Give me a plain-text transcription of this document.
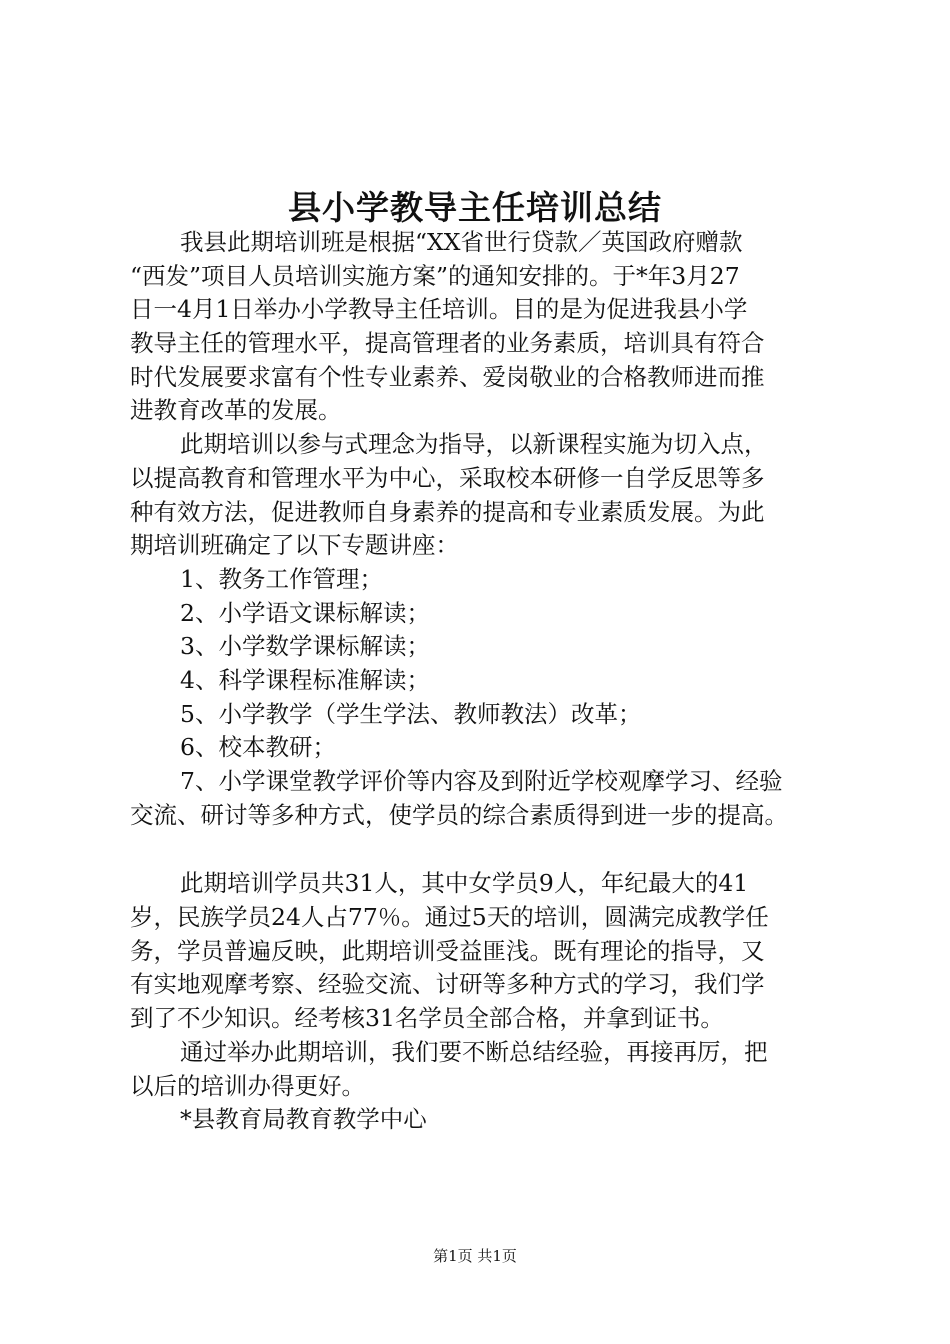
县小学教导主任培训总结
我县此期培训班是根据“XX省世行贷款／英国政府赠款
“西发”项目人员培训实施方案”的通知安排的。于*年3月27
日一4月1日举办小学教导主任培训。目的是为促进我县小学
教导主任的管理水平，提高管理者的业务素质，培训具有符合
时代发展要求富有个性专业素养、爱岗敬业的合格教师进而推
进教育改革的发展。
此期培训以参与式理念为指导，以新课程实施为切入点，
以提高教育和管理水平为中心，采取校本研修一自学反思等多
种有效方法，促进教师自身素养的提高和专业素质发展。为此
期培训班确定了以下专题讲座：
1、教务工作管理；
2、小学语文课标解读；
3、小学数学课标解读；
4、科学课程标准解读；
5、小学教学（学生学法、教师教法）改革；
6、校本教研；
7、小学课堂教学评价等内容及到附近学校观摩学习、经验
交流、研讨等多种方式，使学员的综合素质得到进一步的提高。
此期培训学员共31人，其中女学员9人，年纪最大的41
岁，民族学员24人占77％。通过5天的培训，圆满完成教学任
务，学员普遍反映，此期培训受益匪浅。既有理论的指导，又
有实地观摩考察、经验交流、讨研等多种方式的学习，我们学
到了不少知识。经考核31名学员全部合格，并拿到证书。
通过举办此期培训，我们要不断总结经验，再接再厉，把
以后的培训办得更好。
*县教育局教育教学中心
第1页 共1页
